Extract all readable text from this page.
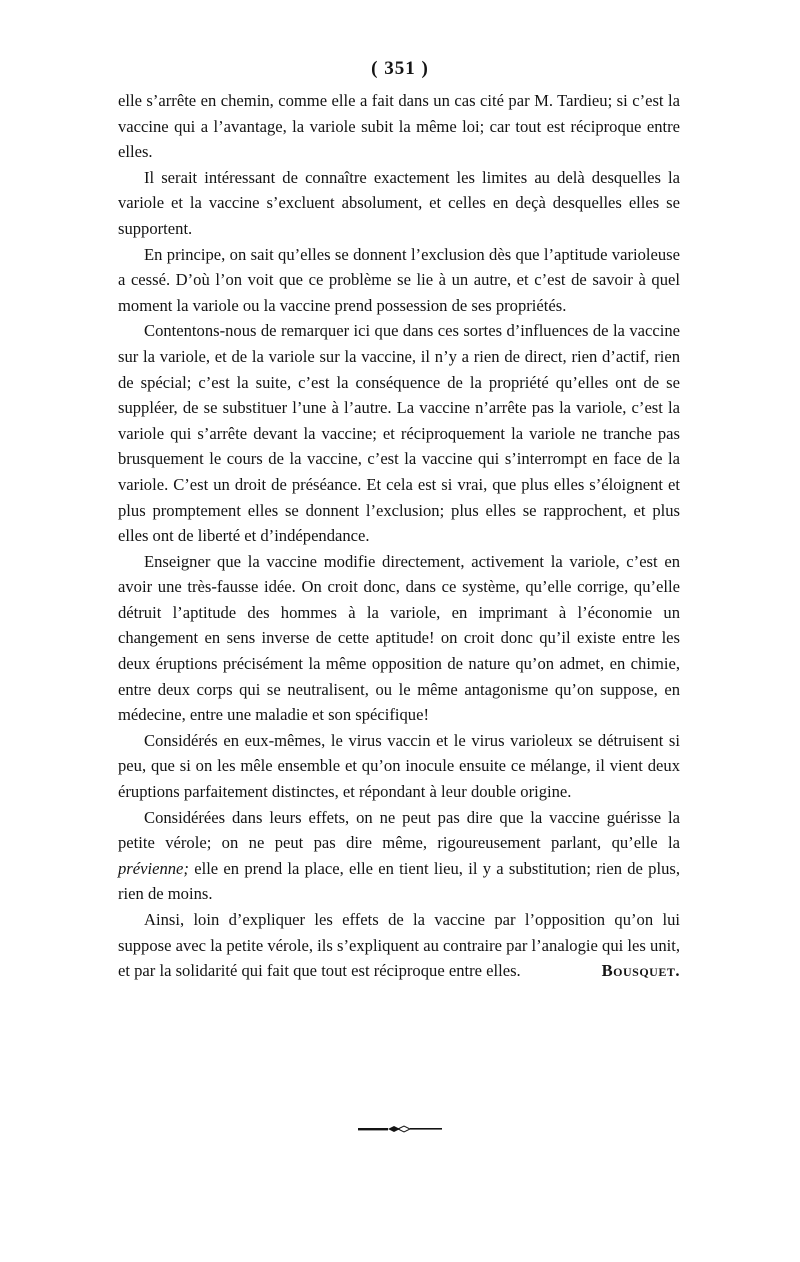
( 351 )

elle s’arrête en chemin, comme elle a fait dans un cas cité par M. Tardieu; si c’est la vaccine qui a l’avantage, la variole subit la même loi; car tout est réciproque entre elles.

Il serait intéressant de connaître exactement les limites au delà desquelles la variole et la vaccine s’excluent absolument, et celles en deçà desquelles elles se supportent.

En principe, on sait qu’elles se donnent l’exclusion dès que l’aptitude varioleuse a cessé. D’où l’on voit que ce problème se lie à un autre, et c’est de savoir à quel moment la variole ou la vaccine prend possession de ses propriétés.

Contentons-nous de remarquer ici que dans ces sortes d’influences de la vaccine sur la variole, et de la variole sur la vaccine, il n’y a rien de direct, rien d’actif, rien de spécial; c’est la suite, c’est la conséquence de la propriété qu’elles ont de se suppléer, de se substituer l’une à l’autre. La vaccine n’arrête pas la variole, c’est la variole qui s’arrête devant la vaccine; et réciproquement la variole ne tranche pas brusquement le cours de la vaccine, c’est la vaccine qui s’interrompt en face de la variole. C’est un droit de préséance. Et cela est si vrai, que plus elles s’éloignent et plus promptement elles se donnent l’exclusion; plus elles se rapprochent, et plus elles ont de liberté et d’indépendance.

Enseigner que la vaccine modifie directement, activement la variole, c’est en avoir une très-fausse idée. On croit donc, dans ce système, qu’elle corrige, qu’elle détruit l’aptitude des hommes à la variole, en imprimant à l’économie un changement en sens inverse de cette aptitude! on croit donc qu’il existe entre les deux éruptions précisément la même opposition de nature qu’on admet, en chimie, entre deux corps qui se neutralisent, ou le même antagonisme qu’on suppose, en médecine, entre une maladie et son spécifique!

Considérés en eux-mêmes, le virus vaccin et le virus varioleux se détruisent si peu, que si on les mêle ensemble et qu’on inocule ensuite ce mélange, il vient deux éruptions parfaitement distinctes, et répondant à leur double origine.

Considérées dans leurs effets, on ne peut pas dire que la vaccine guérisse la petite vérole; on ne peut pas dire même, rigoureusement parlant, qu’elle la prévienne; elle en prend la place, elle en tient lieu, il y a substitution; rien de plus, rien de moins.

Ainsi, loin d’expliquer les effets de la vaccine par l’opposition qu’on lui suppose avec la petite vérole, ils s’expliquent au contraire par l’analogie qui les unit, et par la solidarité qui fait que tout est réciproque entre elles.	Bousquet.
